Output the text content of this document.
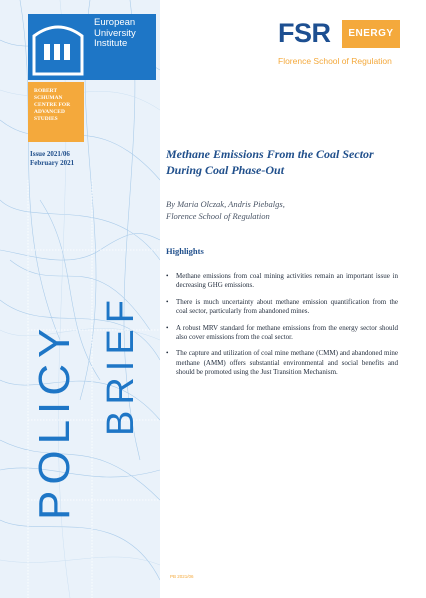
European
University
Institute
ROBERT
SCHUMAN
CENTRE FOR
ADVANCED
STUDIES
Issue 2021/06
February 2021
POLICY BRIEF
FSR	ENERGY
Florence School of Regulation
Methane Emissions From the Coal Sector
During Coal Phase-Out
By Maria Olczak, Andris Piebalgs,
Florence School of Regulation
Highlights
• Methane emissions from coal mining activities remain an important issue in decreasing GHG emissions.
• There is much uncertainty about methane emission quantification from the coal sector, particularly from abandoned mines.
• A robust MRV standard for methane emissions from the energy sector should also cover emissions from the coal sector.
• The capture and utilization of coal mine methane (CMM) and abandoned mine methane (AMM) offers substantial environmental and social benefits and should be promoted using the Just Transition Mechanism.
PB 2021/06
